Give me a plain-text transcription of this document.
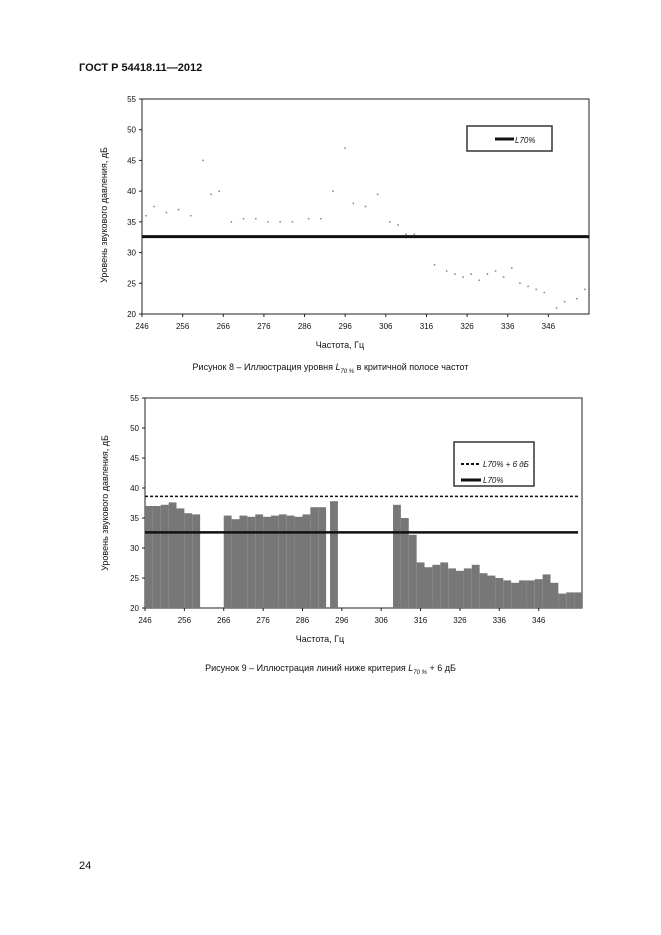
ГОСТ Р 54418.11—2012
20
25
30
35
40
45
50
55
246	256	266	276	286	296	306	316	326	336	346
Частота, Гц
Уровень звукового давления, дБ
L70%
20
25
30
35
40
45
50
55
246	256	266	276	286	296	306	316	326	336	346
Частота, Гц
Уровень звукового давления, дБ	L70% + 6 дБ
L70%
Рисунок 8 – Иллюстрация уровня $L_{70 \%}$ в критичной полосе частот
Рисунок 9 – Иллюстрация линий ниже критерия $L_{70 \%} + 6$ дБ
24
